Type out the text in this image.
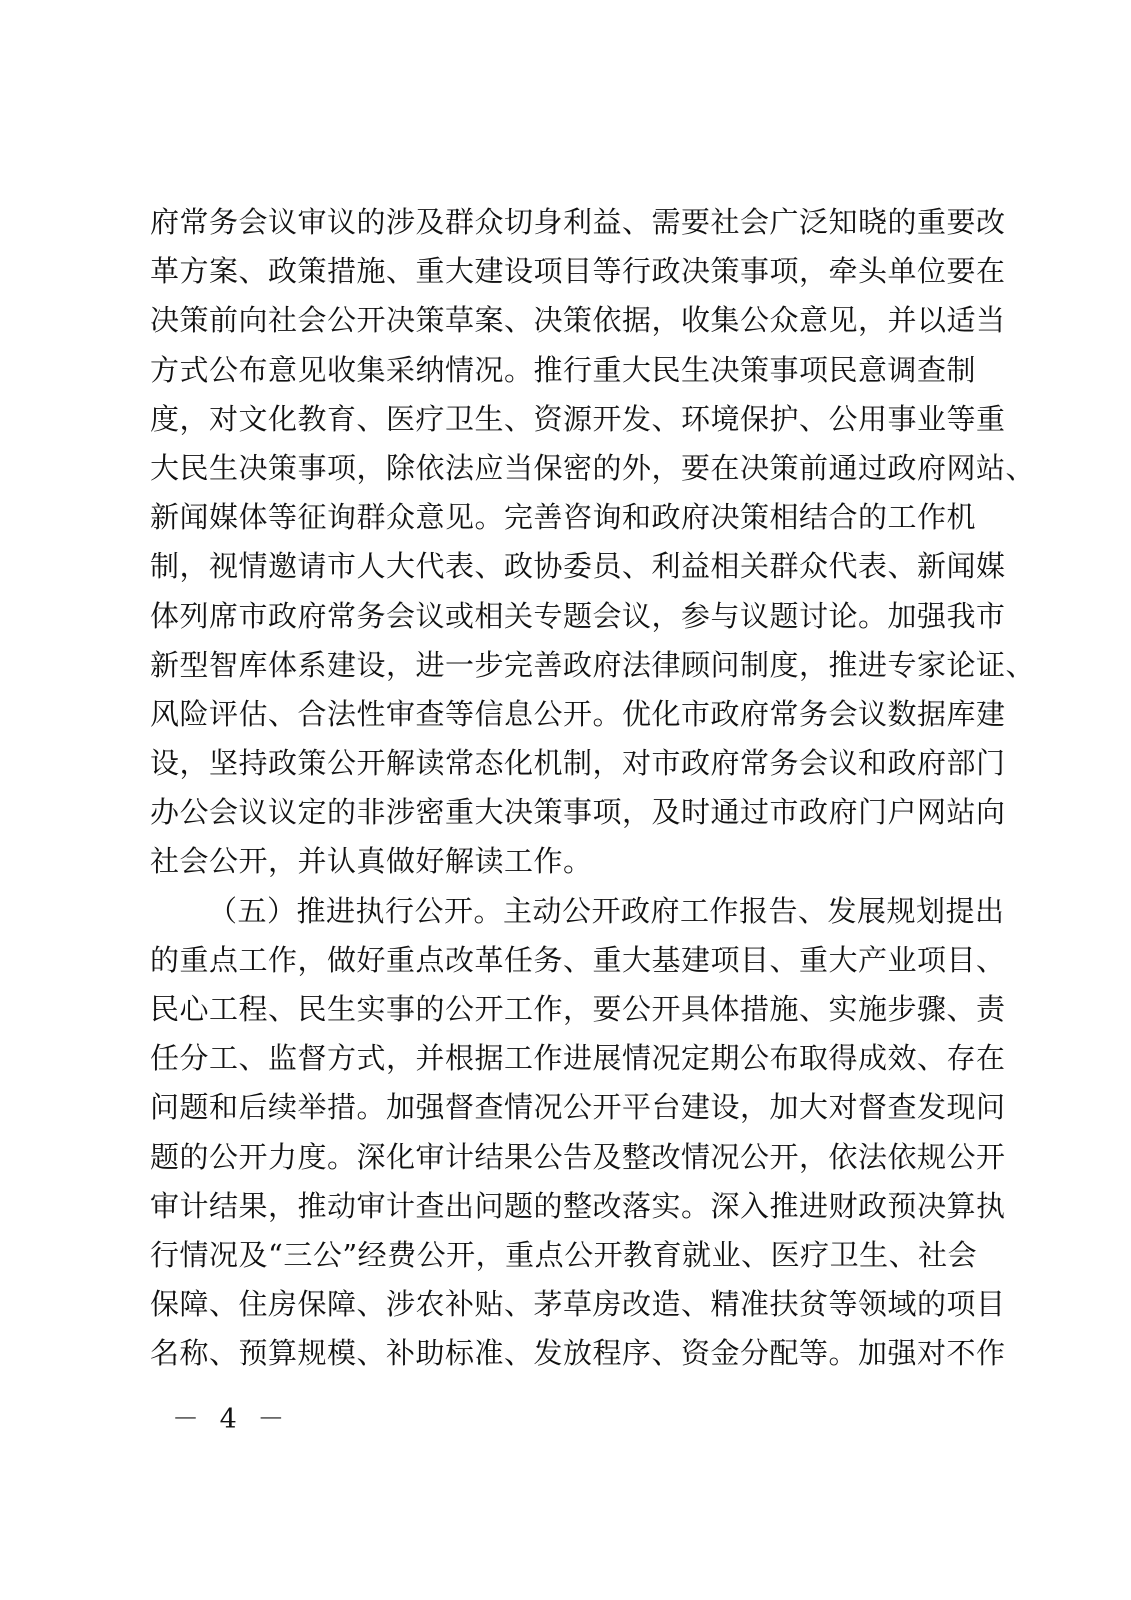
府常务会议审议的涉及群众切身利益、需要社会广泛知晓的重要改
革方案、政策措施、重大建设项目等行政决策事项，牵头单位要在
决策前向社会公开决策草案、决策依据，收集公众意见，并以适当
方式公布意见收集采纳情况。推行重大民生决策事项民意调查制
度，对文化教育、医疗卫生、资源开发、环境保护、公用事业等重
大民生决策事项，除依法应当保密的外，要在决策前通过政府网站、
新闻媒体等征询群众意见。完善咨询和政府决策相结合的工作机
制，视情邀请市人大代表、政协委员、利益相关群众代表、新闻媒
体列席市政府常务会议或相关专题会议，参与议题讨论。加强我市
新型智库体系建设，进一步完善政府法律顾问制度，推进专家论证、
风险评估、合法性审查等信息公开。优化市政府常务会议数据库建
设，坚持政策公开解读常态化机制，对市政府常务会议和政府部门
办公会议议定的非涉密重大决策事项，及时通过市政府门户网站向
社会公开，并认真做好解读工作。
（五）推进执行公开。主动公开政府工作报告、发展规划提出
的重点工作，做好重点改革任务、重大基建项目、重大产业项目、
民心工程、民生实事的公开工作，要公开具体措施、实施步骤、责
任分工、监督方式，并根据工作进展情况定期公布取得成效、存在
问题和后续举措。加强督查情况公开平台建设，加大对督查发现问
题的公开力度。深化审计结果公告及整改情况公开，依法依规公开
审计结果，推动审计查出问题的整改落实。深入推进财政预决算执
行情况及“三公”经费公开，重点公开教育就业、医疗卫生、社会
保障、住房保障、涉农补贴、茅草房改造、精准扶贫等领域的项目
名称、预算规模、补助标准、发放程序、资金分配等。加强对不作
－ 4 －
